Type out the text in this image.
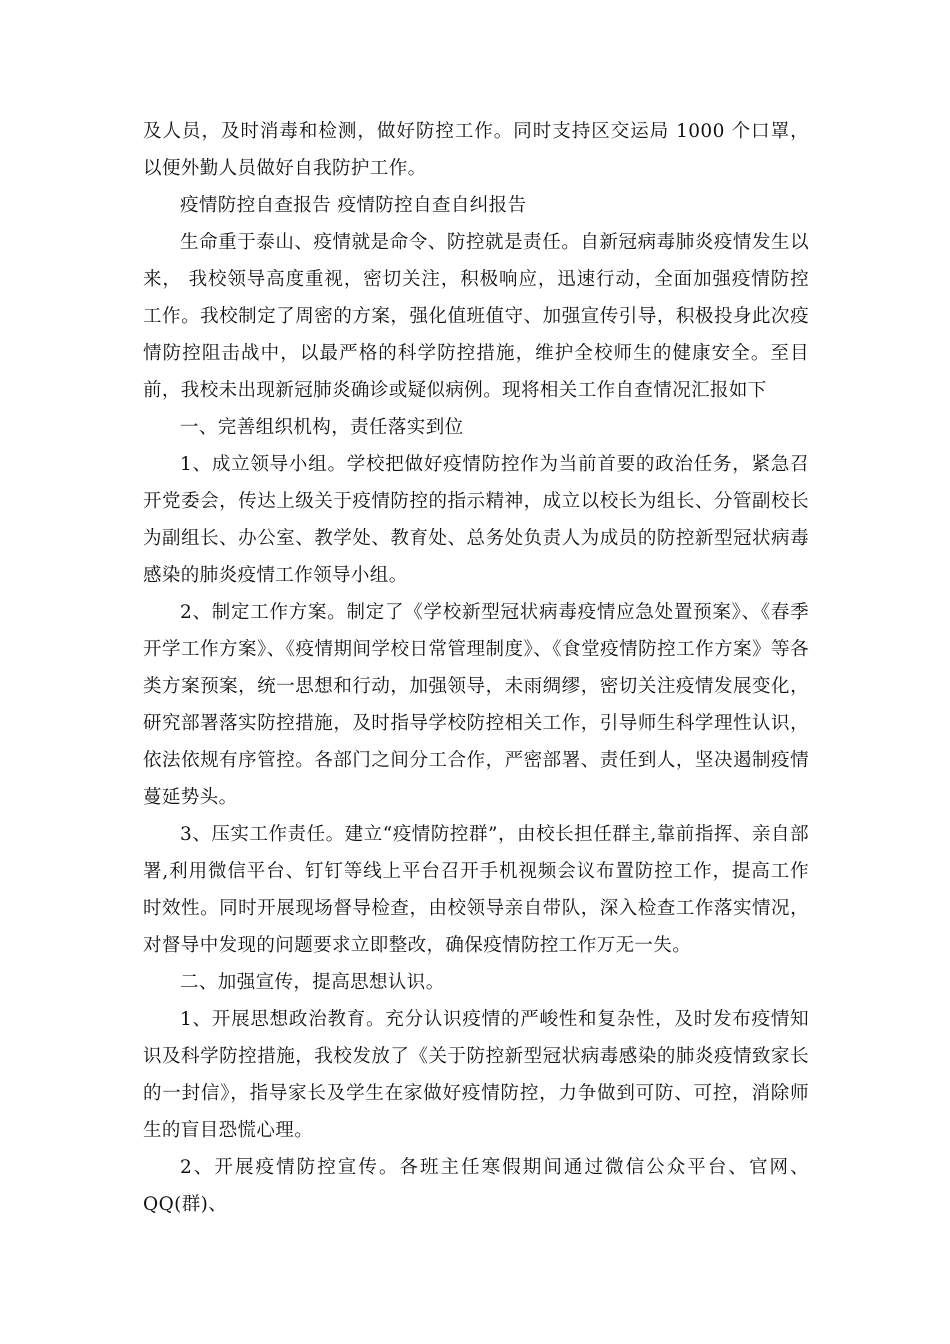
及人员，及时消毒和检测，做好防控工作。同时支持区交运局 1000 个口罩，以便外勤人员做好自我防护工作。

疫情防控自查报告 疫情防控自查自纠报告

生命重于泰山、疫情就是命令、防控就是责任。自新冠病毒肺炎疫情发生以来， 我校领导高度重视，密切关注，积极响应，迅速行动，全面加强疫情防控工作。我校制定了周密的方案，强化值班值守、加强宣传引导，积极投身此次疫情防控阻击战中，以最严格的科学防控措施，维护全校师生的健康安全。至目前，我校未出现新冠肺炎确诊或疑似病例。现将相关工作自查情况汇报如下

一、完善组织机构，责任落实到位

1、成立领导小组。学校把做好疫情防控作为当前首要的政治任务，紧急召开党委会，传达上级关于疫情防控的指示精神，成立以校长为组长、分管副校长为副组长、办公室、教学处、教育处、总务处负责人为成员的防控新型冠状病毒感染的肺炎疫情工作领导小组。

2、制定工作方案。制定了《学校新型冠状病毒疫情应急处置预案》、《春季开学工作方案》、《疫情期间学校日常管理制度》、《食堂疫情防控工作方案》等各类方案预案，统一思想和行动，加强领导，未雨绸缪，密切关注疫情发展变化，研究部署落实防控措施，及时指导学校防控相关工作，引导师生科学理性认识，依法依规有序管控。各部门之间分工合作，严密部署、责任到人，坚决遏制疫情蔓延势头。

3、压实工作责任。建立“疫情防控群”，由校长担任群主,靠前指挥、亲自部署,利用微信平台、钉钉等线上平台召开手机视频会议布置防控工作，提高工作时效性。同时开展现场督导检查，由校领导亲自带队，深入检查工作落实情况，对督导中发现的问题要求立即整改，确保疫情防控工作万无一失。

二、加强宣传，提高思想认识。

1、开展思想政治教育。充分认识疫情的严峻性和复杂性，及时发布疫情知识及科学防控措施，我校发放了《关于防控新型冠状病毒感染的肺炎疫情致家长的一封信》，指导家长及学生在家做好疫情防控，力争做到可防、可控，消除师生的盲目恐慌心理。

2、开展疫情防控宣传。各班主任寒假期间通过微信公众平台、官网、QQ(群)、
